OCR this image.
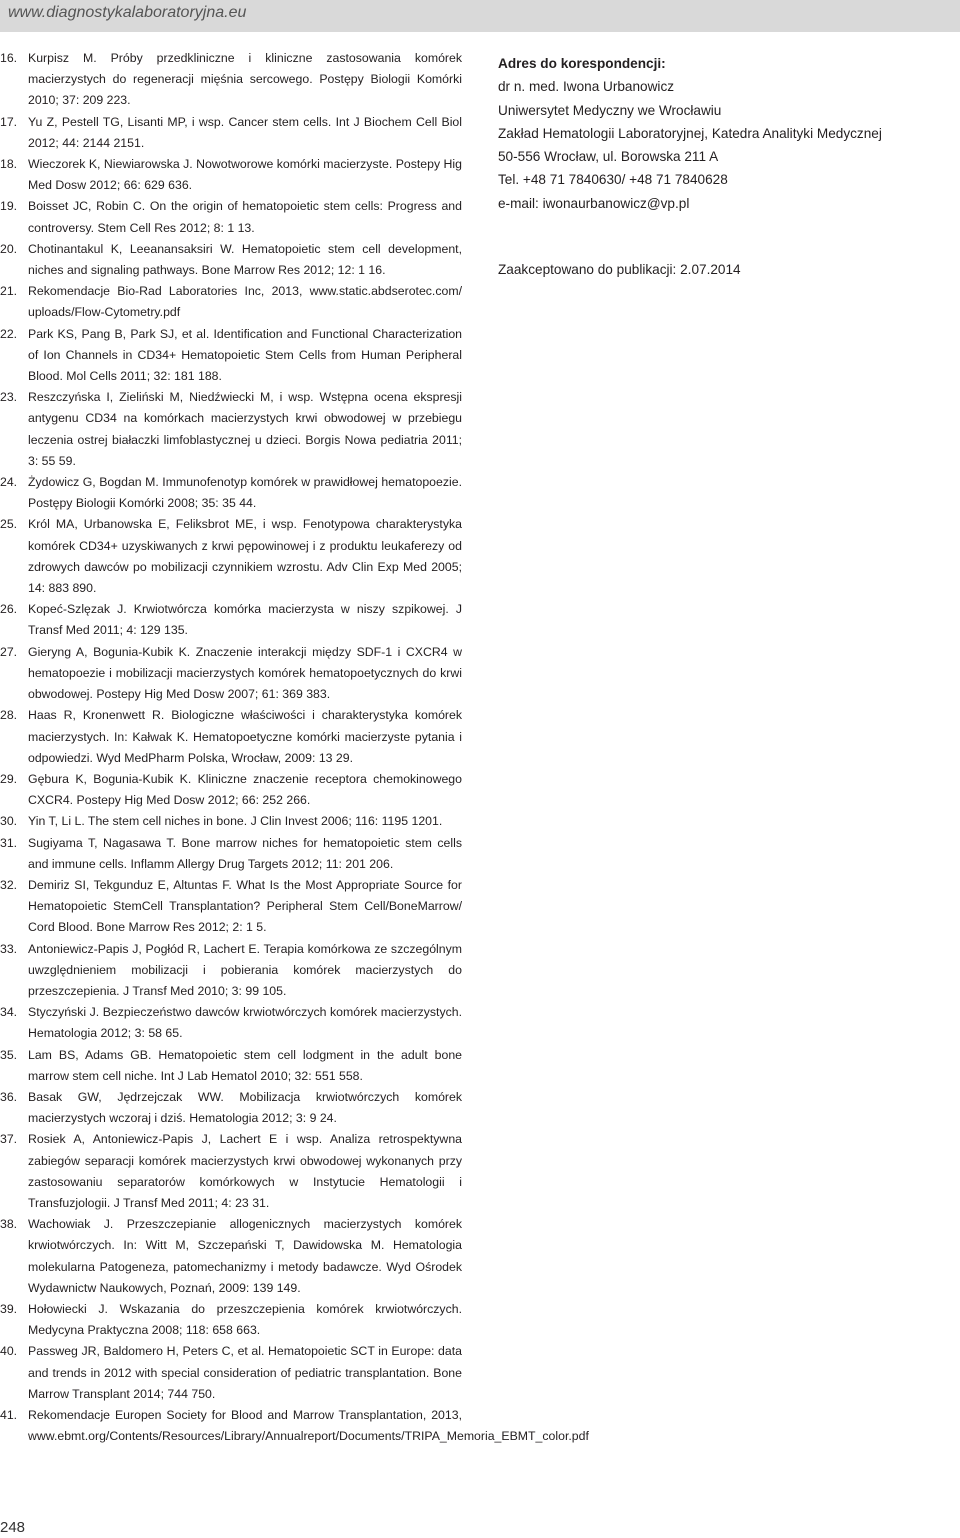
www.diagnostykalaboratoryjna.eu
16. Kurpisz M. Próby przedkliniczne i kliniczne zastosowania komórek macierzystych do regeneracji mięśnia sercowego. Postępy Biologii Komórki 2010; 37: 209 223.
17. Yu Z, Pestell TG, Lisanti MP, i wsp. Cancer stem cells. Int J Biochem Cell Biol 2012; 44: 2144 2151.
18. Wieczorek K, Niewiarowska J. Nowotworowe komórki macierzyste. Postepy Hig Med Dosw 2012; 66: 629 636.
19. Boisset JC, Robin C. On the origin of hematopoietic stem cells: Progress and controversy. Stem Cell Res 2012; 8: 1 13.
20. Chotinantakul K, Leeanansaksiri W. Hematopoietic stem cell development, niches and signaling pathways. Bone Marrow Res 2012; 12: 1 16.
21. Rekomendacje Bio-Rad Laboratories Inc, 2013, www.static.abdserotec.com/ uploads/Flow-Cytometry.pdf
22. Park KS, Pang B, Park SJ, et al. Identification and Functional Characterization of Ion Channels in CD34+ Hematopoietic Stem Cells from Human Peripheral Blood. Mol Cells 2011; 32: 181 188.
23. Reszczyńska I, Zieliński M, Niedźwiecki M, i wsp. Wstępna ocena ekspresji antygenu CD34 na komórkach macierzystych krwi obwodowej w przebiegu leczenia ostrej białaczki limfoblastycznej u dzieci. Borgis Nowa pediatria 2011; 3: 55 59.
24. Żydowicz G, Bogdan M. Immunofenotyp komórek w prawidłowej hematopoezie. Postępy Biologii Komórki 2008; 35: 35 44.
25. Król MA, Urbanowska E, Feliksbrot ME, i wsp. Fenotypowa charakterystyka komórek CD34+ uzyskiwanych z krwi pępowinowej i z produktu leukaferezy od zdrowych dawców po mobilizacji czynnikiem wzrostu. Adv Clin Exp Med 2005; 14: 883 890.
26. Kopeć-Szlęzak J. Krwiotwórcza komórka macierzysta w niszy szpikowej. J Transf Med 2011; 4: 129 135.
27. Gieryng A, Bogunia-Kubik K. Znaczenie interakcji między SDF-1 i CXCR4 w hematopoezie i mobilizacji macierzystych komórek hematopoetycznych do krwi obwodowej. Postepy Hig Med Dosw 2007; 61: 369 383.
28. Haas R, Kronenwett R. Biologiczne właściwości i charakterystyka komórek macierzystych. In: Kałwak K. Hematopoetyczne komórki macierzyste pytania i odpowiedzi. Wyd MedPharm Polska, Wrocław, 2009: 13 29.
29. Gębura K, Bogunia-Kubik K. Kliniczne znaczenie receptora chemokinowego CXCR4. Postepy Hig Med Dosw 2012; 66: 252 266.
30. Yin T, Li L. The stem cell niches in bone. J Clin Invest 2006; 116: 1195 1201.
31. Sugiyama T, Nagasawa T. Bone marrow niches for hematopoietic stem cells and immune cells. Inflamm Allergy Drug Targets 2012; 11: 201 206.
32. Demiriz SI, Tekgunduz E, Altuntas F. What Is the Most Appropriate Source for Hematopoietic StemCell Transplantation? Peripheral Stem Cell/BoneMarrow/ Cord Blood. Bone Marrow Res 2012; 2: 1 5.
33. Antoniewicz-Papis J, Pogłód R, Lachert E. Terapia komórkowa ze szczególnym uwzględnieniem mobilizacji i pobierania komórek macierzystych do przeszczepienia. J Transf Med 2010; 3: 99 105.
34. Styczyński J. Bezpieczeństwo dawców krwiotwórczych komórek macierzystych. Hematologia 2012; 3: 58 65.
35. Lam BS, Adams GB. Hematopoietic stem cell lodgment in the adult bone marrow stem cell niche. Int J Lab Hematol 2010; 32: 551 558.
36. Basak GW, Jędrzejczak WW. Mobilizacja krwiotwórczych komórek macierzystych wczoraj i dziś. Hematologia 2012; 3: 9 24.
37. Rosiek A, Antoniewicz-Papis J, Lachert E i wsp. Analiza retrospektywna zabiegów separacji komórek macierzystych krwi obwodowej wykonanych przy zastosowaniu separatorów komórkowych w Instytucie Hematologii i Transfuzjologii. J Transf Med 2011; 4: 23 31.
38. Wachowiak J. Przeszczepianie allogenicznych macierzystych komórek krwiotwórczych. In: Witt M, Szczepański T, Dawidowska M. Hematologia molekularna Patogeneza, patomechanizmy i metody badawcze. Wyd Ośrodek Wydawnictw Naukowych, Poznań, 2009: 139 149.
39. Hołowiecki J. Wskazania do przeszczepienia komórek krwiotwórczych. Medycyna Praktyczna 2008; 118: 658 663.
40. Passweg JR, Baldomero H, Peters C, et al. Hematopoietic SCT in Europe: data and trends in 2012 with special consideration of pediatric transplantation. Bone Marrow Transplant 2014; 744 750.
41. Rekomendacje Europen Society for Blood and Marrow Transplantation, 2013, www.ebmt.org/Contents/Resources/Library/Annualreport/Documents/TRIPA_Memoria_EBMT_color.pdf
Adres do korespondencji:
dr n. med. Iwona Urbanowicz
Uniwersytet Medyczny we Wrocławiu
Zakład Hematologii Laboratoryjnej, Katedra Analityki Medycznej
50-556 Wrocław, ul. Borowska 211 A
Tel. +48 71 7840630/ +48 71 7840628
e-mail: iwonaurbanowicz@vp.pl
Zaakceptowano do publikacji: 2.07.2014
248
